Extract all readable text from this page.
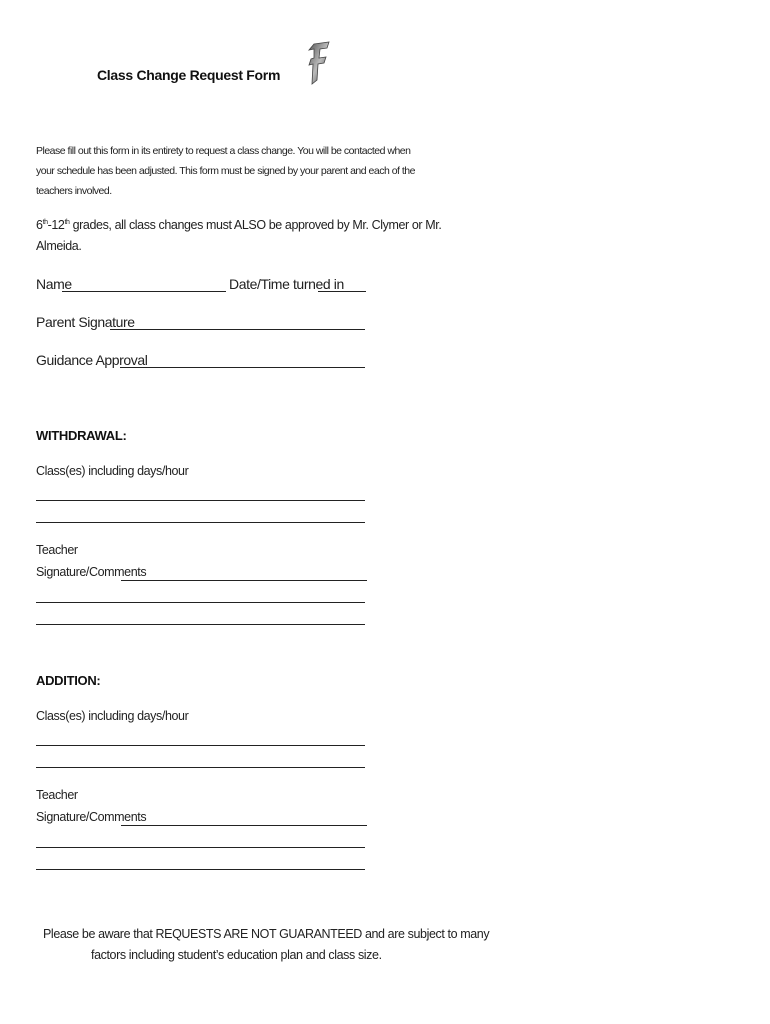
Class Change Request Form
Please fill out this form in its entirety to request a class change. You will be contacted when
your schedule has been adjusted. This form must be signed by your parent and each of the
teachers involved.
6th-12th grades, all class changes must ALSO be approved by Mr. Clymer or Mr.
Almeida.
Name	Date/Time turned in
Parent Signature
Guidance Approval
WITHDRAWAL:
Class(es) including days/hour
Teacher
Signature/Comments
ADDITION:
Class(es) including days/hour
Teacher
Signature/Comments
Please be aware that REQUESTS ARE NOT GUARANTEED and are subject to many
factors including student’s education plan and class size.
